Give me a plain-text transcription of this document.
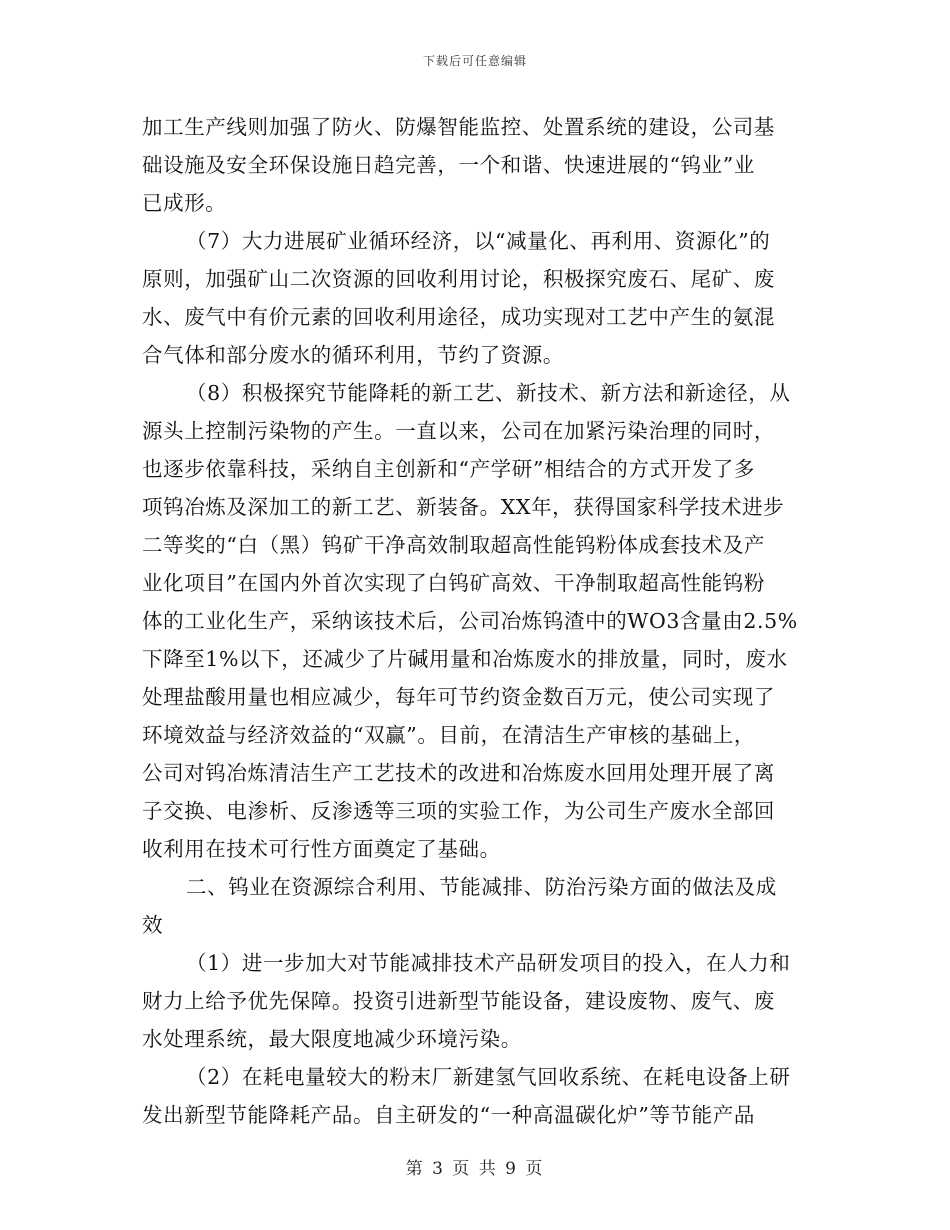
下载后可任意编辑
加工生产线则加强了防火、防爆智能监控、处置系统的建设，公司基
础设施及安全环保设施日趋完善，一个和谐、快速进展的“钨业”业
已成形。
（7）大力进展矿业循环经济，以“减量化、再利用、资源化”的
原则，加强矿山二次资源的回收利用讨论，积极探究废石、尾矿、废
水、废气中有价元素的回收利用途径，成功实现对工艺中产生的氨混
合气体和部分废水的循环利用，节约了资源。
（8）积极探究节能降耗的新工艺、新技术、新方法和新途径，从
源头上控制污染物的产生。一直以来，公司在加紧污染治理的同时，
也逐步依靠科技，采纳自主创新和“产学研”相结合的方式开发了多
项钨冶炼及深加工的新工艺、新装备。XX年，获得国家科学技术进步
二等奖的“白（黑）钨矿干净高效制取超高性能钨粉体成套技术及产
业化项目”在国内外首次实现了白钨矿高效、干净制取超高性能钨粉
体的工业化生产，采纳该技术后，公司冶炼钨渣中的WO3含量由2.5%
下降至1%以下，还减少了片碱用量和冶炼废水的排放量，同时，废水
处理盐酸用量也相应减少，每年可节约资金数百万元，使公司实现了
环境效益与经济效益的“双赢”。目前，在清洁生产审核的基础上，
公司对钨冶炼清洁生产工艺技术的改进和冶炼废水回用处理开展了离
子交换、电渗析、反渗透等三项的实验工作，为公司生产废水全部回
收利用在技术可行性方面奠定了基础。
二、钨业在资源综合利用、节能减排、防治污染方面的做法及成
效
（1）进一步加大对节能减排技术产品研发项目的投入，在人力和
财力上给予优先保障。投资引进新型节能设备，建设废物、废气、废
水处理系统，最大限度地减少环境污染。
（2）在耗电量较大的粉末厂新建氢气回收系统、在耗电设备上研
发出新型节能降耗产品。自主研发的“一种高温碳化炉”等节能产品
第 3 页 共 9 页
